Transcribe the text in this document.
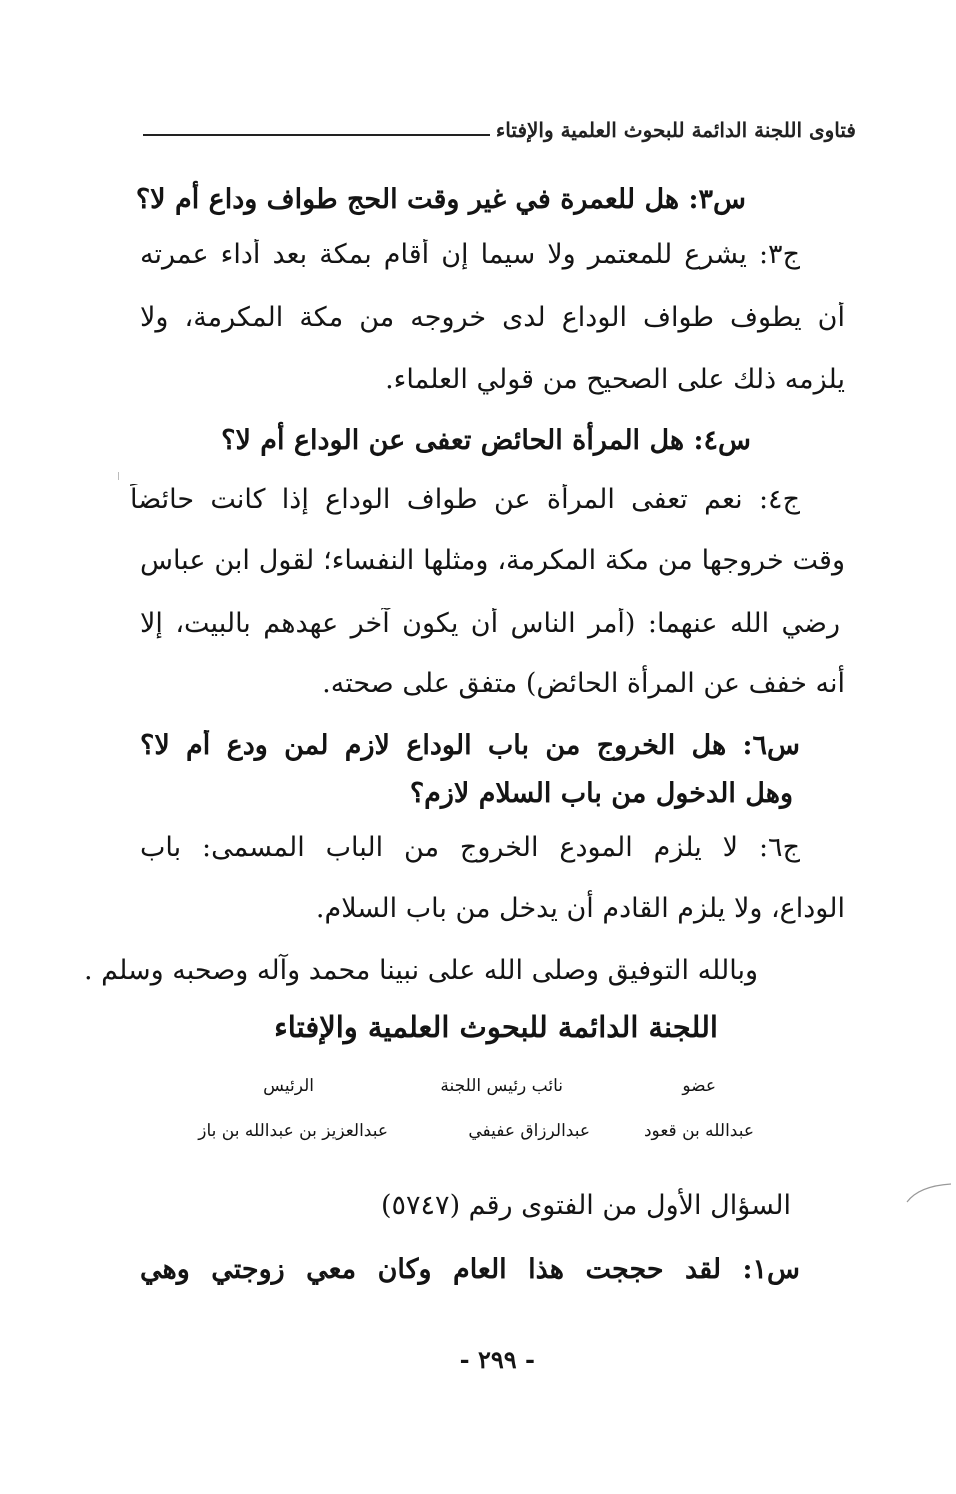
فتاوى اللجنة الدائمة للبحوث العلمية والإفتاء
س٣: هل للعمرة في غير وقت الحج طواف وداع أم لا؟
ج٣: يشرع للمعتمر ولا سيما إن أقام بمكة بعد أداء عمرته
أن يطوف طواف الوداع لدى خروجه من مكة المكرمة، ولا
يلزمه ذلك على الصحيح من قولي العلماء.
س٤: هل المرأة الحائض تعفى عن الوداع أم لا؟
ج٤: نعم تعفى المرأة عن طواف الوداع إذا كانت حائضاً
وقت خروجها من مكة المكرمة، ومثلها النفساء؛ لقول ابن عباس
رضي الله عنهما: (أمر الناس أن يكون آخر عهدهم بالبيت، إلا
أنه خفف عن المرأة الحائض) متفق على صحته.
س٦: هل الخروج من باب الوداع لازم لمن ودع أم لا؟
وهل الدخول من باب السلام لازم؟
ج٦: لا يلزم المودع الخروج من الباب المسمى: باب
الوداع، ولا يلزم القادم أن يدخل من باب السلام.
وبالله التوفيق وصلى الله على نبينا محمد وآله وصحبه وسلم .
اللجنة الدائمة للبحوث العلمية والإفتاء
عضو
نائب رئيس اللجنة
الرئيس
عبدالله بن قعود
عبدالرزاق عفيفي
عبدالعزيز بن عبدالله بن باز
السؤال الأول من الفتوى رقم (٥٧٤٧)
س١: لقد حججت هذا العام وكان معي زوجتي وهي
- ٢٩٩ -
